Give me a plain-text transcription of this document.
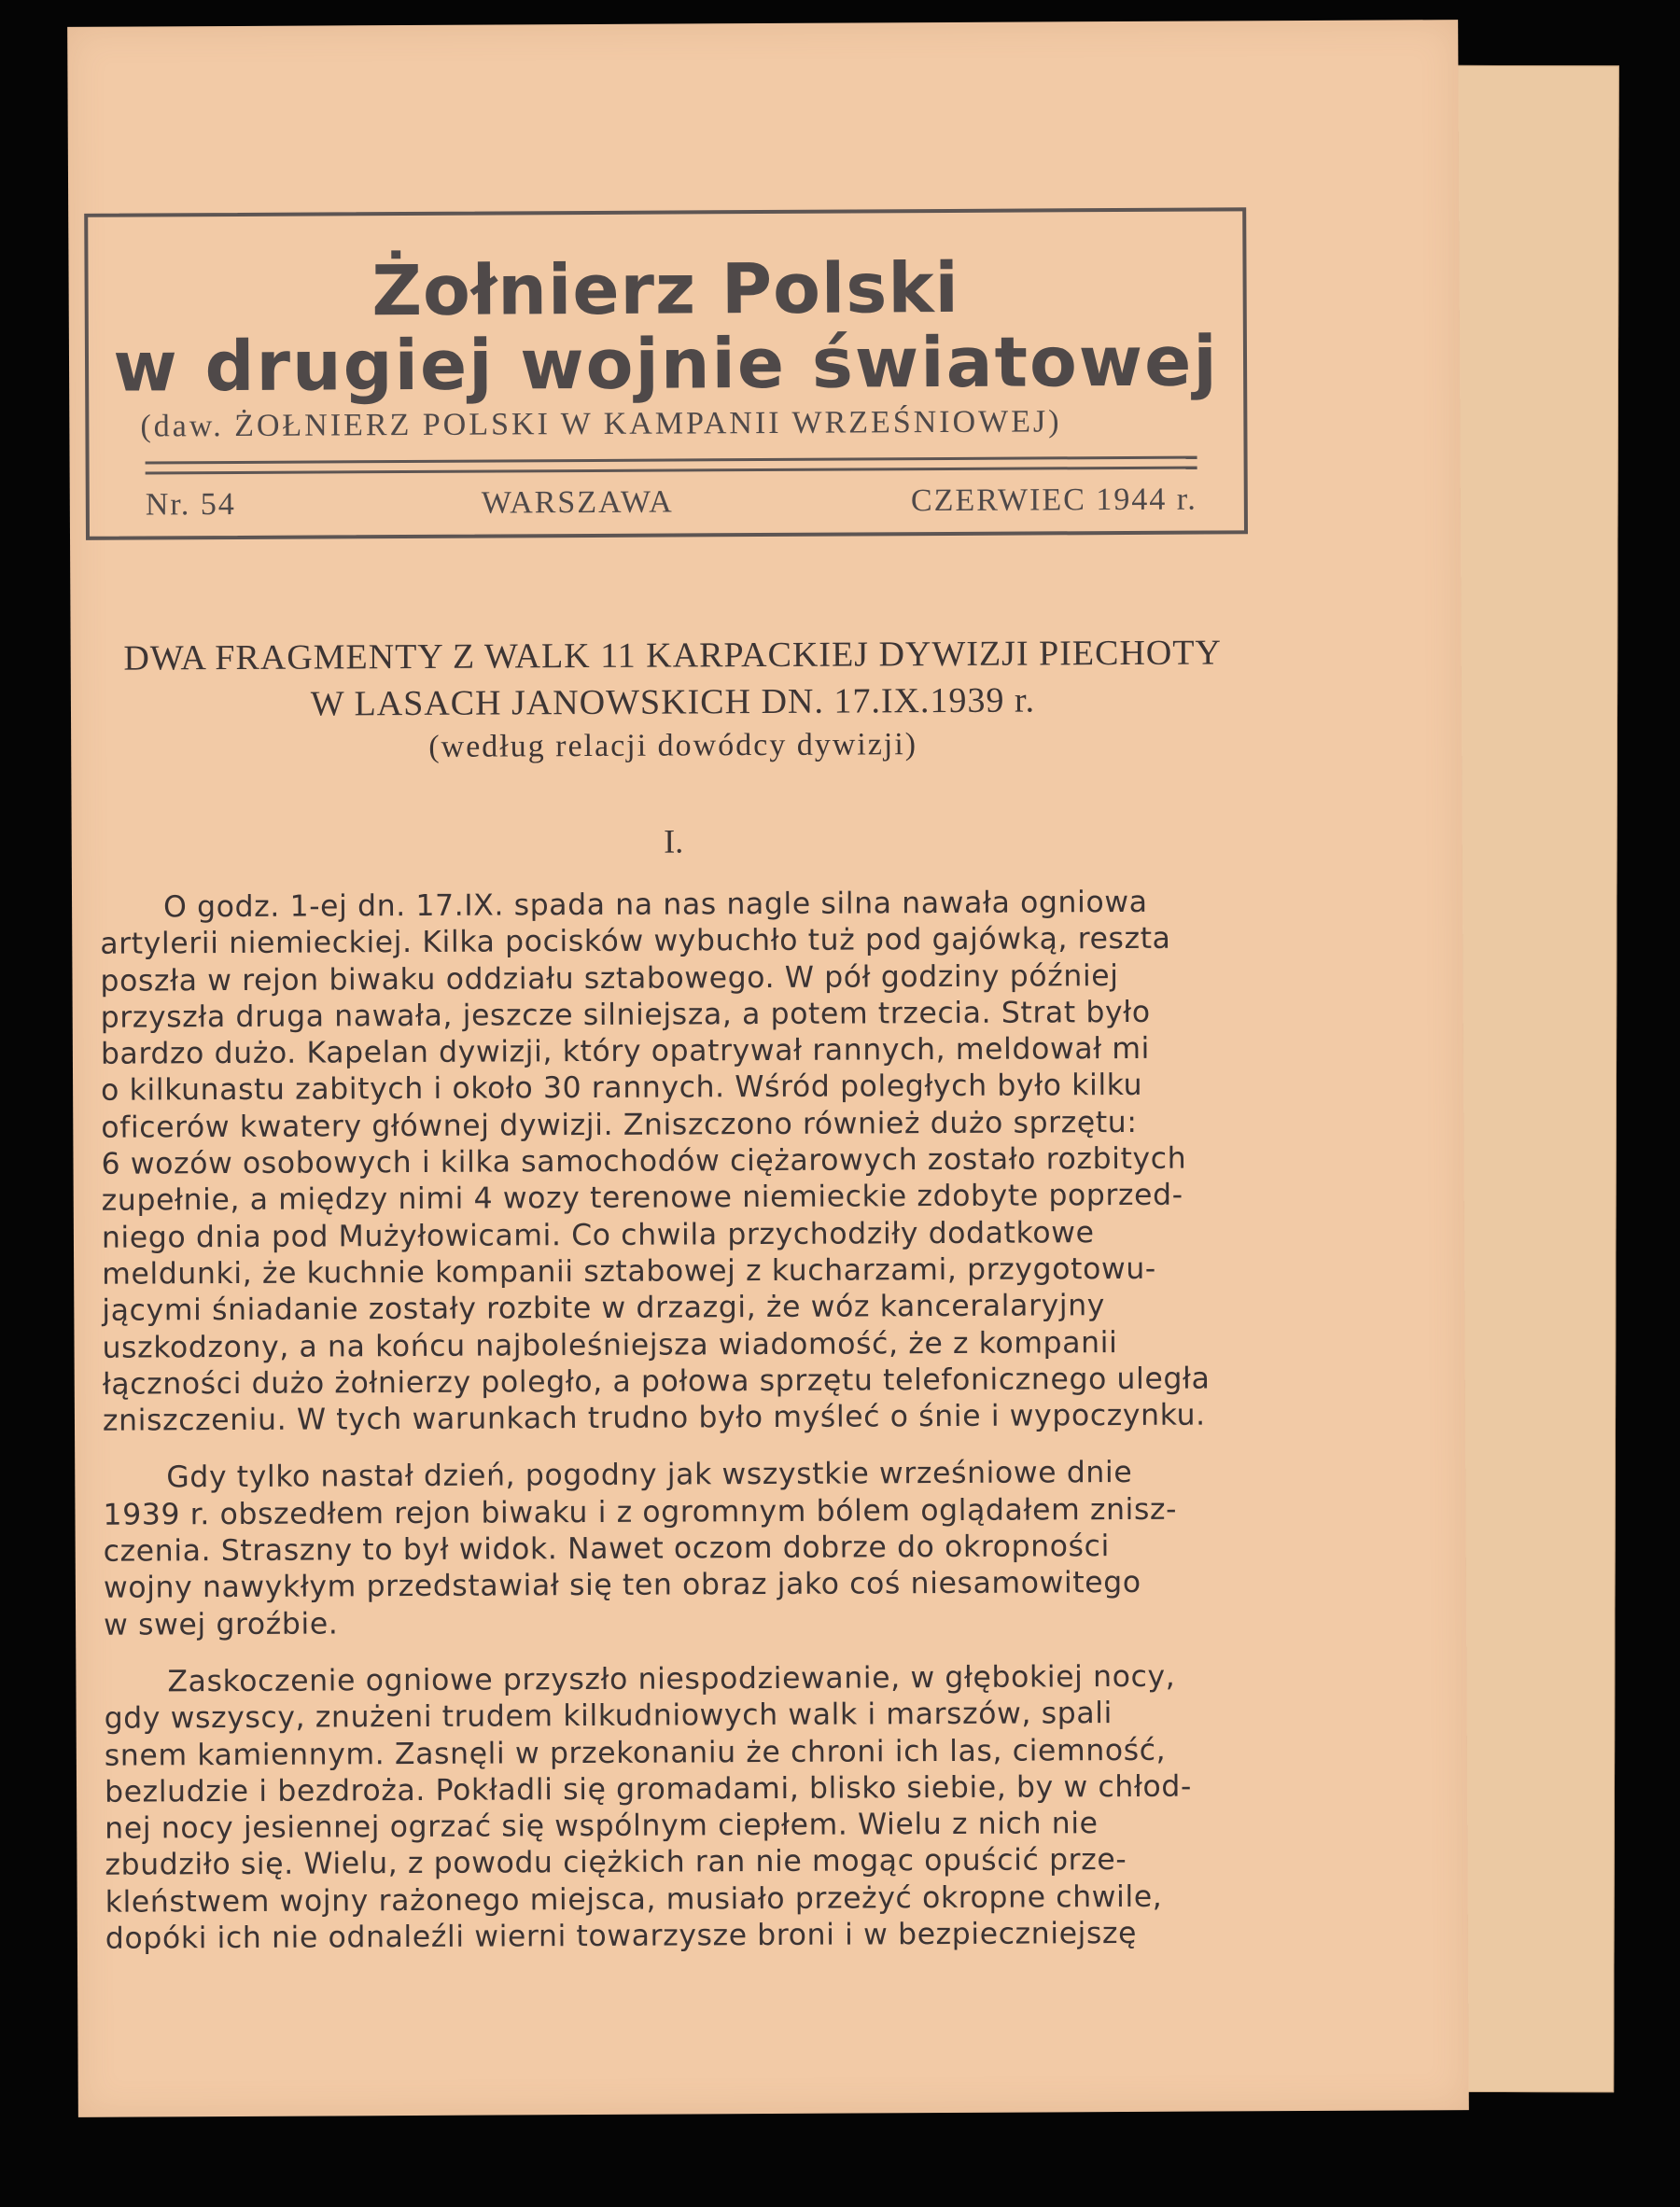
Żołnierz Polski
w drugiej wojnie światowej
(daw. ŻOŁNIERZ POLSKI W KAMPANII WRZEŚNIOWEJ)
Nr. 54	WARSZAWA	CZERWIEC 1944 r.
DWA FRAGMENTY Z WALK 11 KARPACKIEJ DYWIZJI PIECHOTY
W LASACH JANOWSKICH DN. 17.IX.1939 r.
(według relacji dowódcy dywizji)
I.

O godz. 1-ej dn. 17.IX. spada na nas nagle silna nawała ogniowa
artylerii niemieckiej. Kilka pocisków wybuchło tuż pod gajówką, reszta
poszła w rejon biwaku oddziału sztabowego. W pół godziny później
przyszła druga nawała, jeszcze silniejsza, a potem trzecia. Strat było
bardzo dużo. Kapelan dywizji, który opatrywał rannych, meldował mi
o kilkunastu zabitych i około 30 rannych. Wśród poległych było kilku
oficerów kwatery głównej dywizji. Zniszczono również dużo sprzętu:
6 wozów osobowych i kilka samochodów ciężarowych zostało rozbitych
zupełnie, a między nimi 4 wozy terenowe niemieckie zdobyte poprzed-
niego dnia pod Mużyłowicami. Co chwila przychodziły dodatkowe
meldunki, że kuchnie kompanii sztabowej z kucharzami, przygotowu-
jącymi śniadanie zostały rozbite w drzazgi, że wóz kanceralaryjny
uszkodzony, a na końcu najboleśniejsza wiadomość, że z kompanii
łączności dużo żołnierzy poległo, a połowa sprzętu telefonicznego uległa
zniszczeniu. W tych warunkach trudno było myśleć o śnie i wypoczynku.

Gdy tylko nastał dzień, pogodny jak wszystkie wrześniowe dnie
1939 r. obszedłem rejon biwaku i z ogromnym bólem oglądałem znisz-
czenia. Straszny to był widok. Nawet oczom dobrze do okropności
wojny nawykłym przedstawiał się ten obraz jako coś niesamowitego
w swej groźbie.

Zaskoczenie ogniowe przyszło niespodziewanie, w głębokiej nocy,
gdy wszyscy, znużeni trudem kilkudniowych walk i marszów, spali
snem kamiennym. Zasnęli w przekonaniu że chroni ich las, ciemność,
bezludzie i bezdroża. Pokładli się gromadami, blisko siebie, by w chłod-
nej nocy jesiennej ogrzać się wspólnym ciepłem. Wielu z nich nie
zbudziło się. Wielu, z powodu ciężkich ran nie mogąc opuścić prze-
kleństwem wojny rażonego miejsca, musiało przeżyć okropne chwile,
dopóki ich nie odnaleźli wierni towarzysze broni i w bezpieczniejszę
